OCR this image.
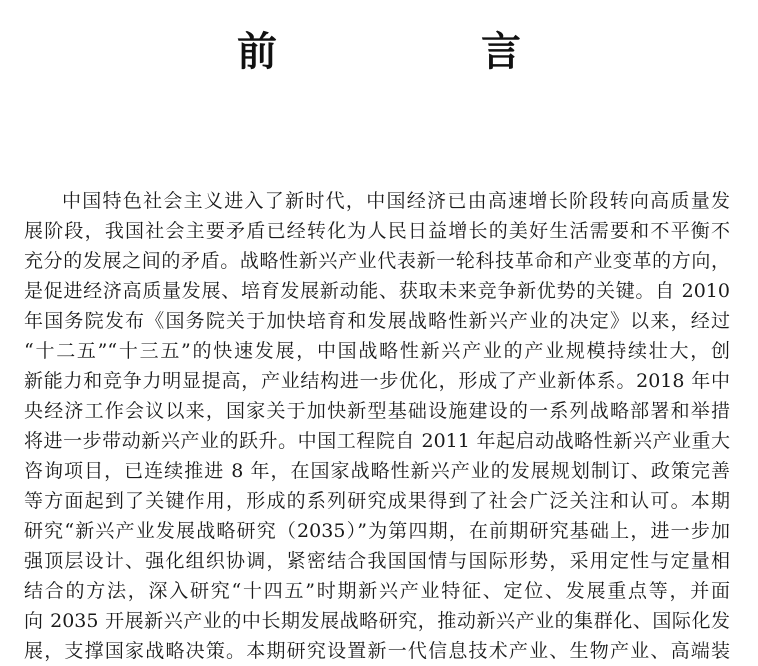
前　言
中国特色社会主义进入了新时代，中国经济已由高速增长阶段转向高质量发
展阶段，我国社会主要矛盾已经转化为人民日益增长的美好生活需要和不平衡不
充分的发展之间的矛盾。战略性新兴产业代表新一轮科技革命和产业变革的方向，
是促进经济高质量发展、培育发展新动能、获取未来竞争新优势的关键。自 2010
年国务院发布《国务院关于加快培育和发展战略性新兴产业的决定》以来，经过
“十二五”“十三五”的快速发展，中国战略性新兴产业的产业规模持续壮大，创
新能力和竞争力明显提高，产业结构进一步优化，形成了产业新体系。2018 年中
央经济工作会议以来，国家关于加快新型基础设施建设的一系列战略部署和举措
将进一步带动新兴产业的跃升。中国工程院自 2011 年起启动战略性新兴产业重大
咨询项目，已连续推进 8 年，在国家战略性新兴产业的发展规划制订、政策完善
等方面起到了关键作用，形成的系列研究成果得到了社会广泛关注和认可。本期
研究“新兴产业发展战略研究（2035）”为第四期，在前期研究基础上，进一步加
强顶层设计、强化组织协调，紧密结合我国国情与国际形势，采用定性与定量相
结合的方法，深入研究“十四五”时期新兴产业特征、定位、发展重点等，并面
向 2035 开展新兴产业的中长期发展战略研究，推动新兴产业的集群化、国际化发
展，支撑国家战略决策。本期研究设置新一代信息技术产业、生物产业、高端装
